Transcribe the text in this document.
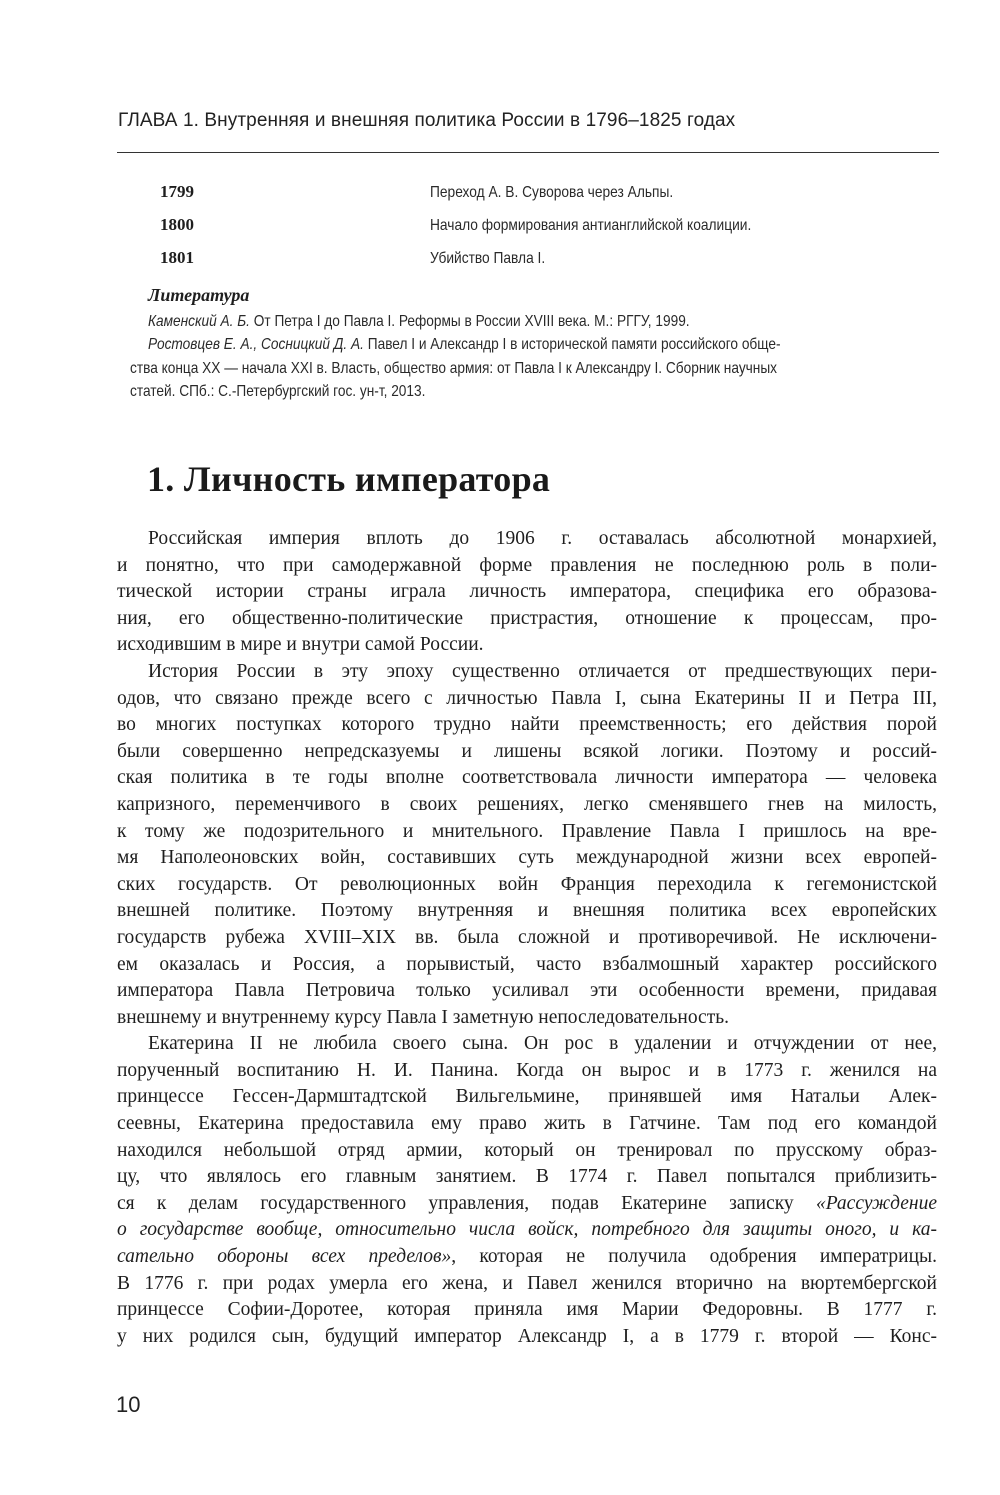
ГЛАВА 1. Внутренняя и внешняя политика России в 1796–1825 годах
1799	Переход А. В. Суворова через Альпы.
1800	Начало формирования антианглийской коалиции.
1801	Убийство Павла I.
Литература
Каменский А. Б. От Петра I до Павла I. Реформы в России XVIII века. М.: РГГУ, 1999.
Ростовцев Е. А., Сосницкий Д. А. Павел I и Александр I в исторической памяти российского обще-
ства конца XX — начала XXI в. Власть, общество армия: от Павла I к Александру I. Сборник научных
статей. СПб.: С.-Петербургский гос. ун-т, 2013.
1. Личность императора
Российская империя вплоть до 1906 г. оставалась абсолютной монархией,
и понятно, что при самодержавной форме правления не последнюю роль в поли-
тической истории страны играла личность императора, специфика его образова-
ния, его общественно-политические пристрастия, отношение к процессам, про-
исходившим в мире и внутри самой России.
История России в эту эпоху существенно отличается от предшествующих пери-
одов, что связано прежде всего с личностью Павла I, сына Екатерины II и Петра III,
во многих поступках которого трудно найти преемственность; его действия порой
были совершенно непредсказуемы и лишены всякой логики. Поэтому и россий-
ская политика в те годы вполне соответствовала личности императора — человека
капризного, переменчивого в своих решениях, легко сменявшего гнев на милость,
к тому же подозрительного и мнительного. Правление Павла I пришлось на вре-
мя Наполеоновских войн, составивших суть международной жизни всех европей-
ских государств. От революционных войн Франция переходила к гегемонистской
внешней политике. Поэтому внутренняя и внешняя политика всех европейских
государств рубежа XVIII–XIX вв. была сложной и противоречивой. Не исключени-
ем оказалась и Россия, а порывистый, часто взбалмошный характер российского
императора Павла Петровича только усиливал эти особенности времени, придавая
внешнему и внутреннему курсу Павла I заметную непоследовательность.
Екатерина II не любила своего сына. Он рос в удалении и отчуждении от нее,
порученный воспитанию Н. И. Панина. Когда он вырос и в 1773 г. женился на
принцессе Гессен-Дармштадтской Вильгельмине, принявшей имя Натальи Алек-
сеевны, Екатерина предоставила ему право жить в Гатчине. Там под его командой
находился небольшой отряд армии, который он тренировал по прусскому образ-
цу, что являлось его главным занятием. В 1774 г. Павел попытался приблизить-
ся к делам государственного управления, подав Екатерине записку «Рассуждение
о государстве вообще, относительно числа войск, потребного для защиты оного, и ка-
сательно обороны всех пределов», которая не получила одобрения императрицы.
В 1776 г. при родах умерла его жена, и Павел женился вторично на вюртембергской
принцессе Софии-Доротее, которая приняла имя Марии Федоровны. В 1777 г.
у них родился сын, будущий император Александр I, а в 1779 г. второй — Конс-
10
